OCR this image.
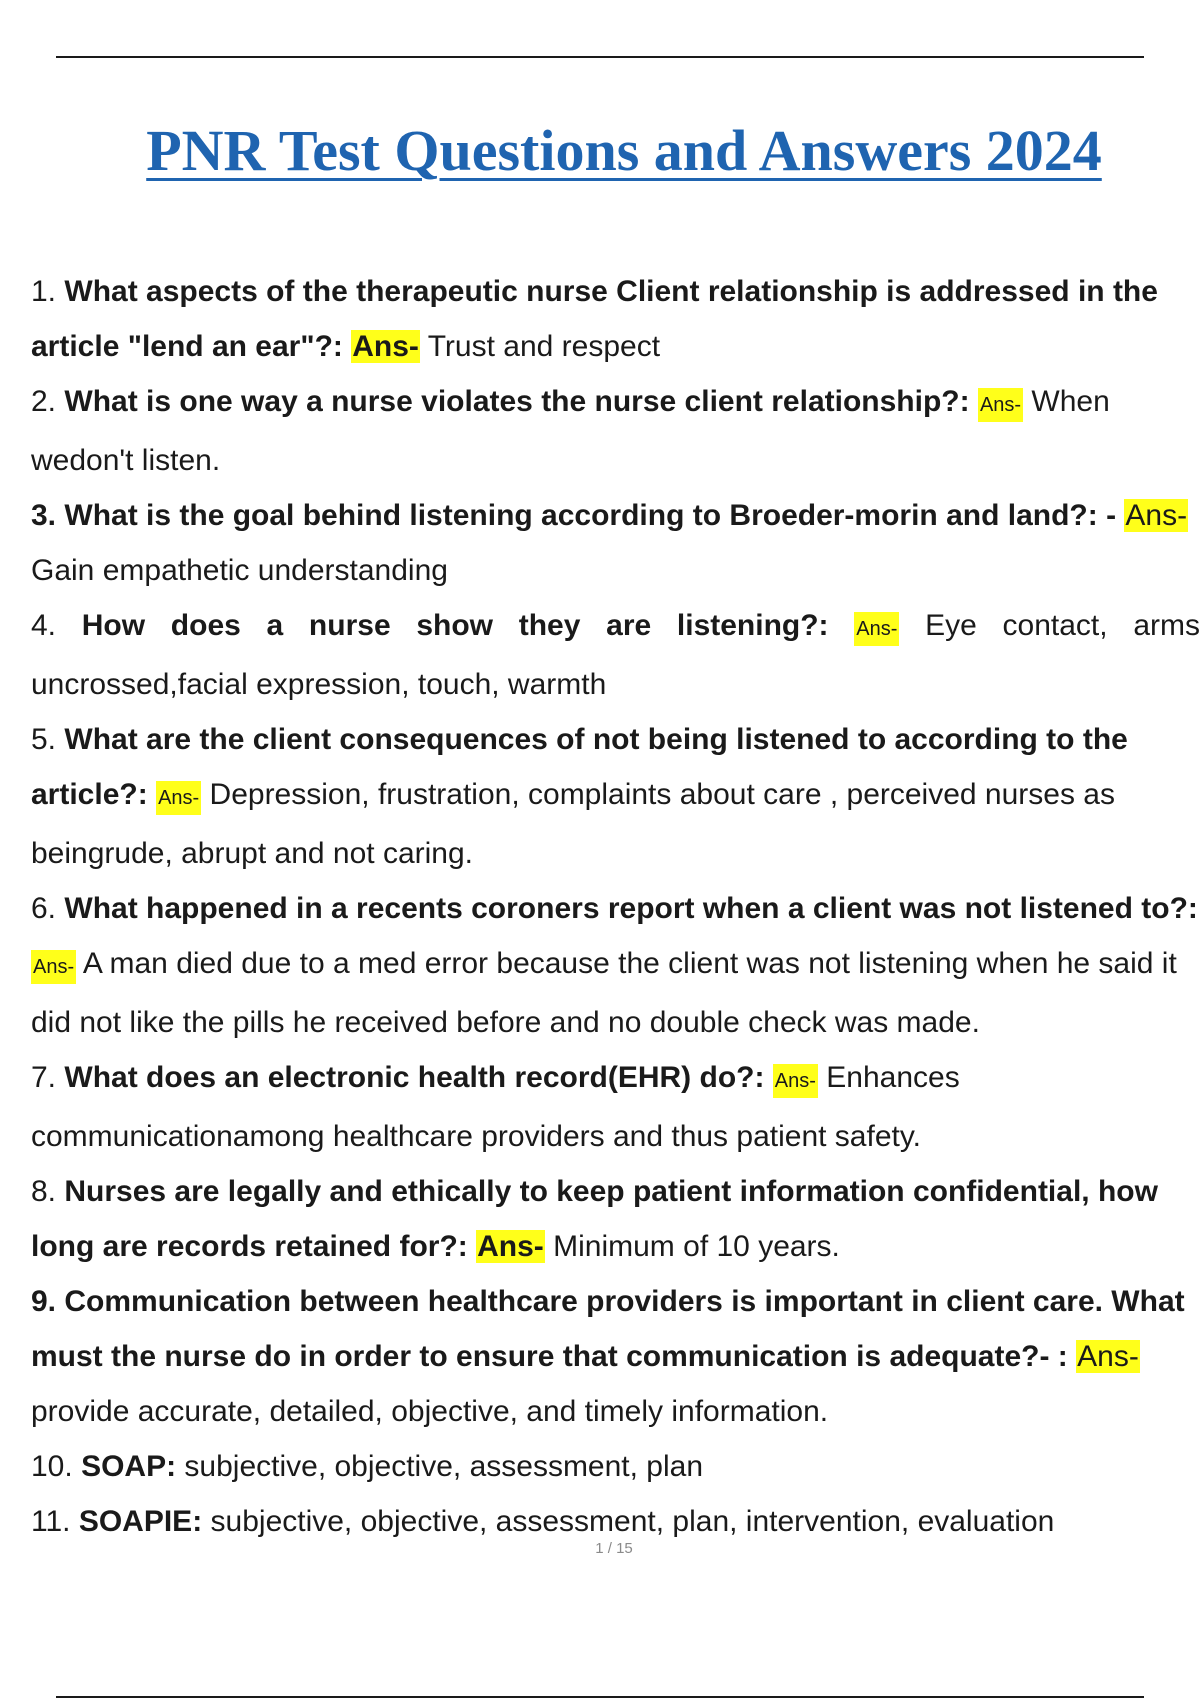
PNR Test Questions and Answers 2024
1. What aspects of the therapeutic nurse Client relationship is addressed in the article "lend an ear"?: Ans- Trust and respect
2. What is one way a nurse violates the nurse client relationship?: Ans- When wedon't listen.
3. What is the goal behind listening according to Broeder-morin and land?: - Ans- Gain empathetic understanding
4. How does a nurse show they are listening?: Ans- Eye contact, arms uncrossed,facial expression, touch, warmth
5. What are the client consequences of not being listened to according to the article?: Ans- Depression, frustration, complaints about care , perceived nurses as beingrude, abrupt and not caring.
6. What happened in a recents coroners report when a client was not listened to?: Ans- A man died due to a med error because the client was not listening when he said it did not like the pills he received before and no double check was made.
7. What does an electronic health record(EHR) do?: Ans- Enhances communicationamong healthcare providers and thus patient safety.
8. Nurses are legally and ethically to keep patient information confidential, how long are records retained for?: Ans- Minimum of 10 years.
9. Communication between healthcare providers is important in client care. What must the nurse do in order to ensure that communication is adequate?- : Ans- provide accurate, detailed, objective, and timely information.
10. SOAP: subjective, objective, assessment, plan
11. SOAPIE: subjective, objective, assessment, plan, intervention, evaluation
1 / 15
